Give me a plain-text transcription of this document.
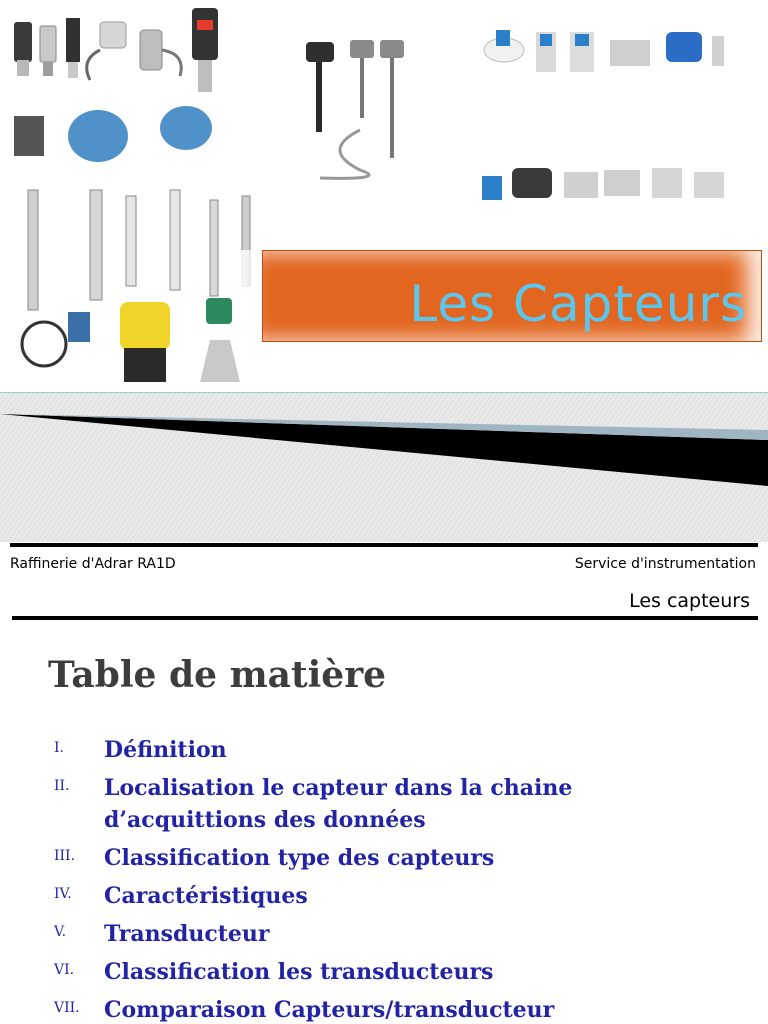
Les Capteurs
Raffinerie d'Adrar RA1D	Service d'instrumentation
Les capteurs
Table de matière
I. Définition
II. Localisation le capteur dans la chaine d’acquittions des données
III. Classification type des capteurs
IV. Caractéristiques
V. Transducteur
VI. Classification les transducteurs
VII. Comparaison Capteurs/transducteur
